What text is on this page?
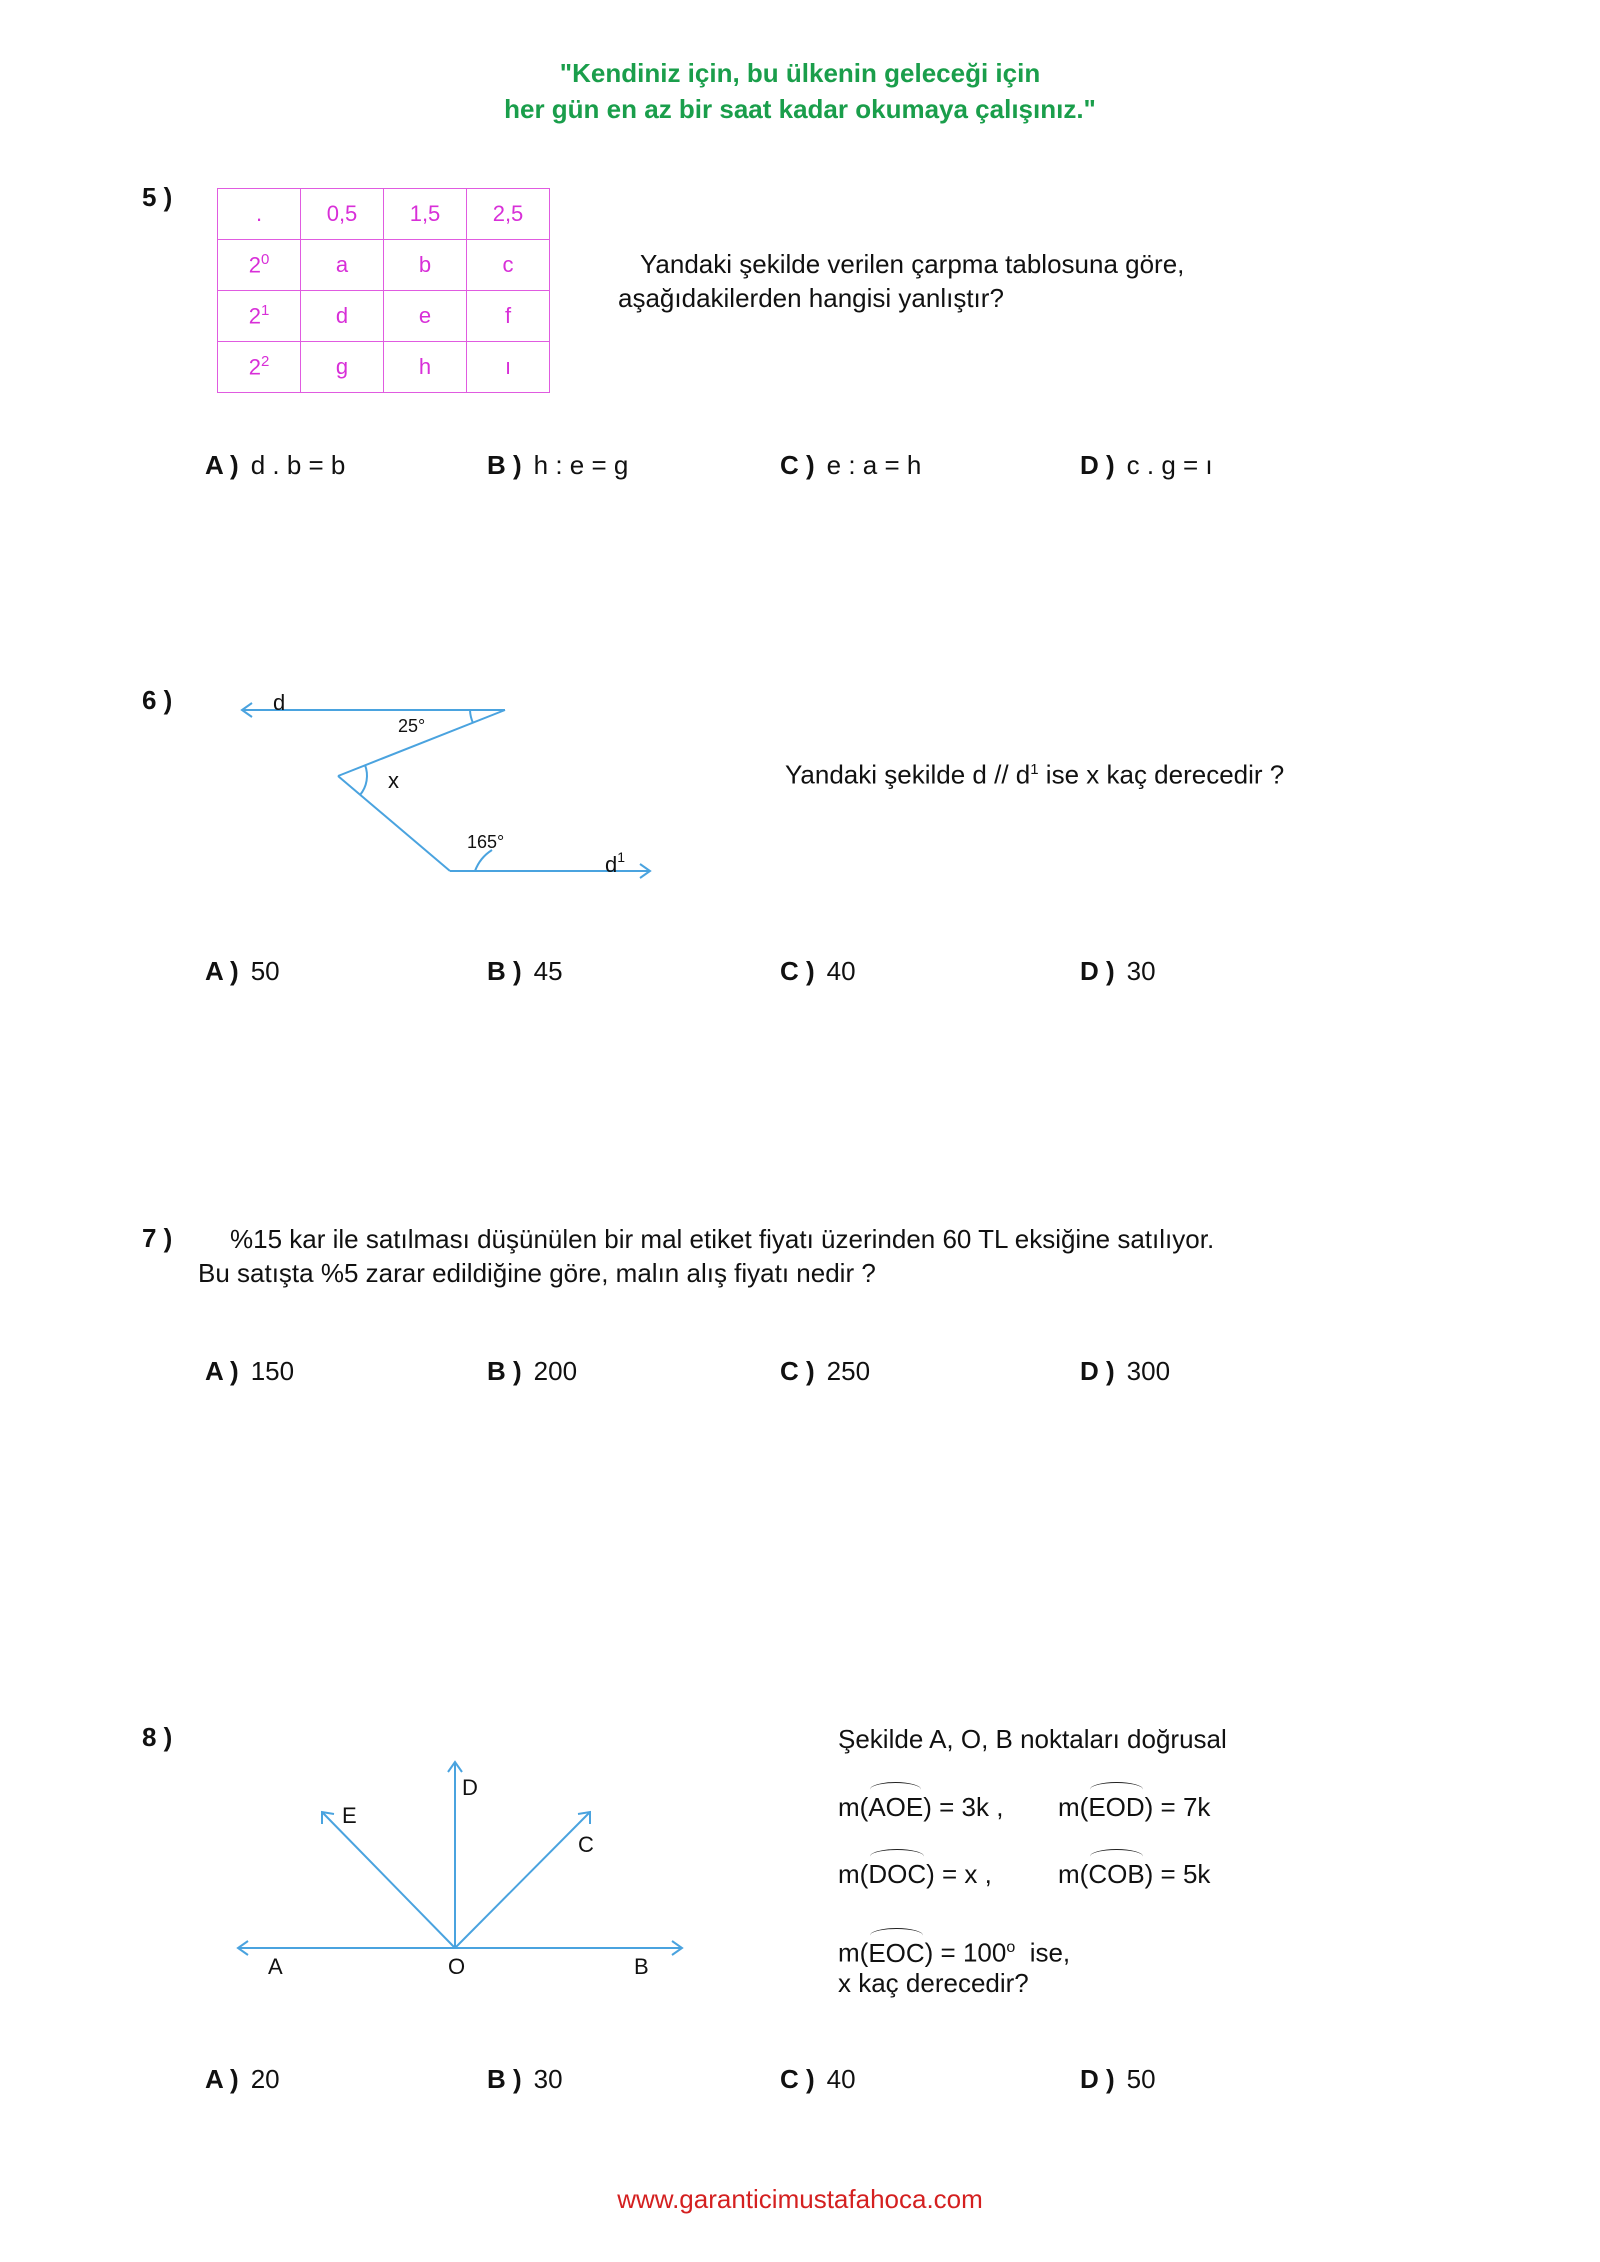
"Kendiniz için, bu ülkenin geleceği için
her gün en az bir saat kadar okumaya çalışınız."
5 )
.	0,5	1,5	2,5
$2^0$	a	b	c
$2^1$	d	e	f
$2^2$	g	h	ı
Yandaki şekilde verilen çarpma tablosuna göre,
aşağıdakilerden hangisi yanlıştır?
A ) d . b = b	B ) h : e = g	C ) e : a = h	D ) c . g = ı
6 )	d
25°
x
165°
$d^1$
Yandaki şekilde d // $d^1$ ise x kaç derecedir ?
A ) 50	B ) 45	C ) 40	D ) 30
7 ) %15 kar ile satılması düşünülen bir mal etiket fiyatı üzerinden 60 TL eksiğine satılıyor.
Bu satışta %5 zarar edildiğine göre, malın alış fiyatı nedir ?
A ) 150	B ) 200	C ) 250	D ) 300
8 )
A	O	B
D
E
C
Şekilde A, O, B noktaları doğrusal
m(AOE) = 3k , m(EOD) = 7k
m(DOC) = x ,	m(COB) = 5k
$m(EOC) = 100^o$  ise,
x kaç derecedir?
A ) 20	B ) 30	C ) 40	D ) 50
www.garanticimustafahoca.com
